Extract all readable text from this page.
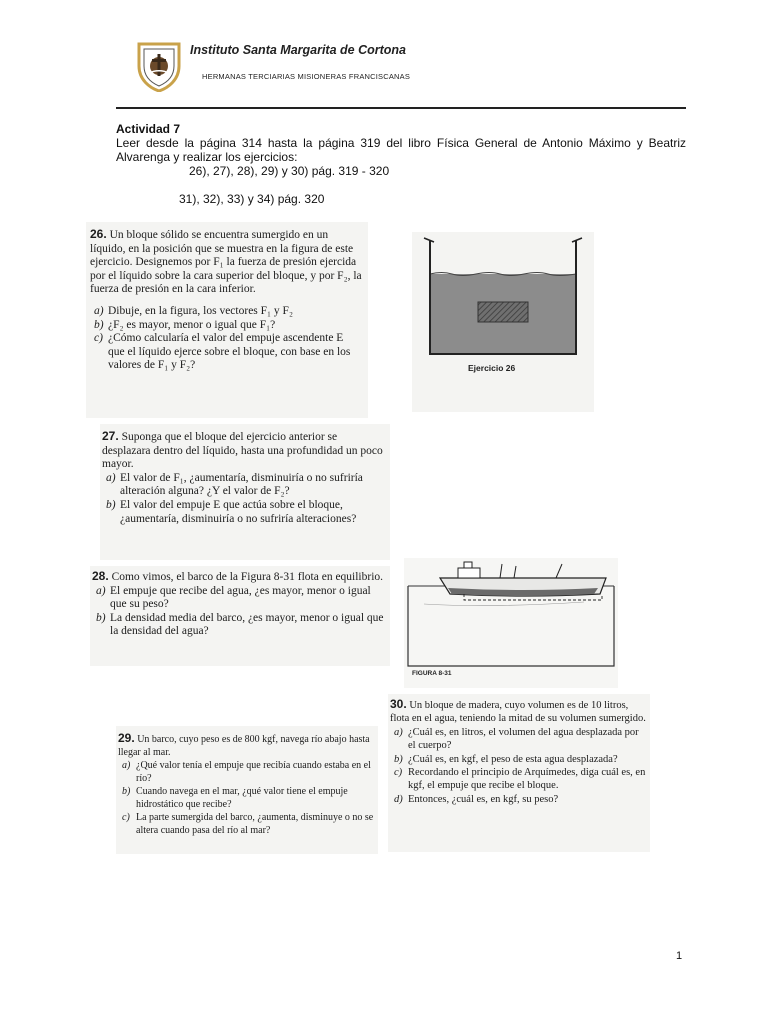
Instituto Santa Margarita de Cortona
HERMANAS TERCIARIAS MISIONERAS FRANCISCANAS
Actividad 7
Leer desde la página 314 hasta la página 319 del libro Física General de Antonio Máximo y Beatriz Alvarenga y realizar los ejercicios:
26), 27), 28), 29) y 30) pág. 319 - 320
31), 32), 33) y 34) pág. 320
26. Un bloque sólido se encuentra sumergido en un líquido, en la posición que se muestra en la figura de este ejercicio. Designemos por F₁ la fuerza de presión ejercida por el líquido sobre la cara superior del bloque, y por F₂, la fuerza de presión en la cara inferior.
a) Dibuje, en la figura, los vectores F₁ y F₂
b) ¿F₂ es mayor, menor o igual que F₁?
c) ¿Cómo calcularía el valor del empuje ascendente E que el líquido ejerce sobre el bloque, con base en los valores de F₁ y F₂?	Ejercicio 26
27. Suponga que el bloque del ejercicio anterior se desplazara dentro del líquido, hasta una profundidad un poco mayor.
a) El valor de F₁, ¿aumentaría, disminuiría o no sufriría alteración alguna? ¿Y el valor de F₂?
b) El valor del empuje E que actúa sobre el bloque, ¿aumentaría, disminuiría o no sufriría alteraciones?
28. Como vimos, el barco de la Figura 8-31 flota en equilibrio.
a) El empuje que recibe del agua, ¿es mayor, menor o igual que su peso?
b) La densidad media del barco, ¿es mayor, menor o igual que la densidad del agua?
FIGURA 8-31
30. Un bloque de madera, cuyo volumen es de 10 litros, flota en el agua, teniendo la mitad de su volumen sumergido.
a) ¿Cuál es, en litros, el volumen del agua desplazada por el cuerpo?
b) ¿Cuál es, en kgf, el peso de esta agua desplazada?
c) Recordando el principio de Arquímedes, diga cuál es, en kgf, el empuje que recibe el bloque.
d) Entonces, ¿cuál es, en kgf, su peso?
29. Un barco, cuyo peso es de 800 kgf, navega río abajo hasta llegar al mar.
a) ¿Qué valor tenía el empuje que recibía cuando estaba en el río?
b) Cuando navega en el mar, ¿qué valor tiene el empuje hidrostático que recibe?
c) La parte sumergida del barco, ¿aumenta, disminuye o no se altera cuando pasa del río al mar?
1
